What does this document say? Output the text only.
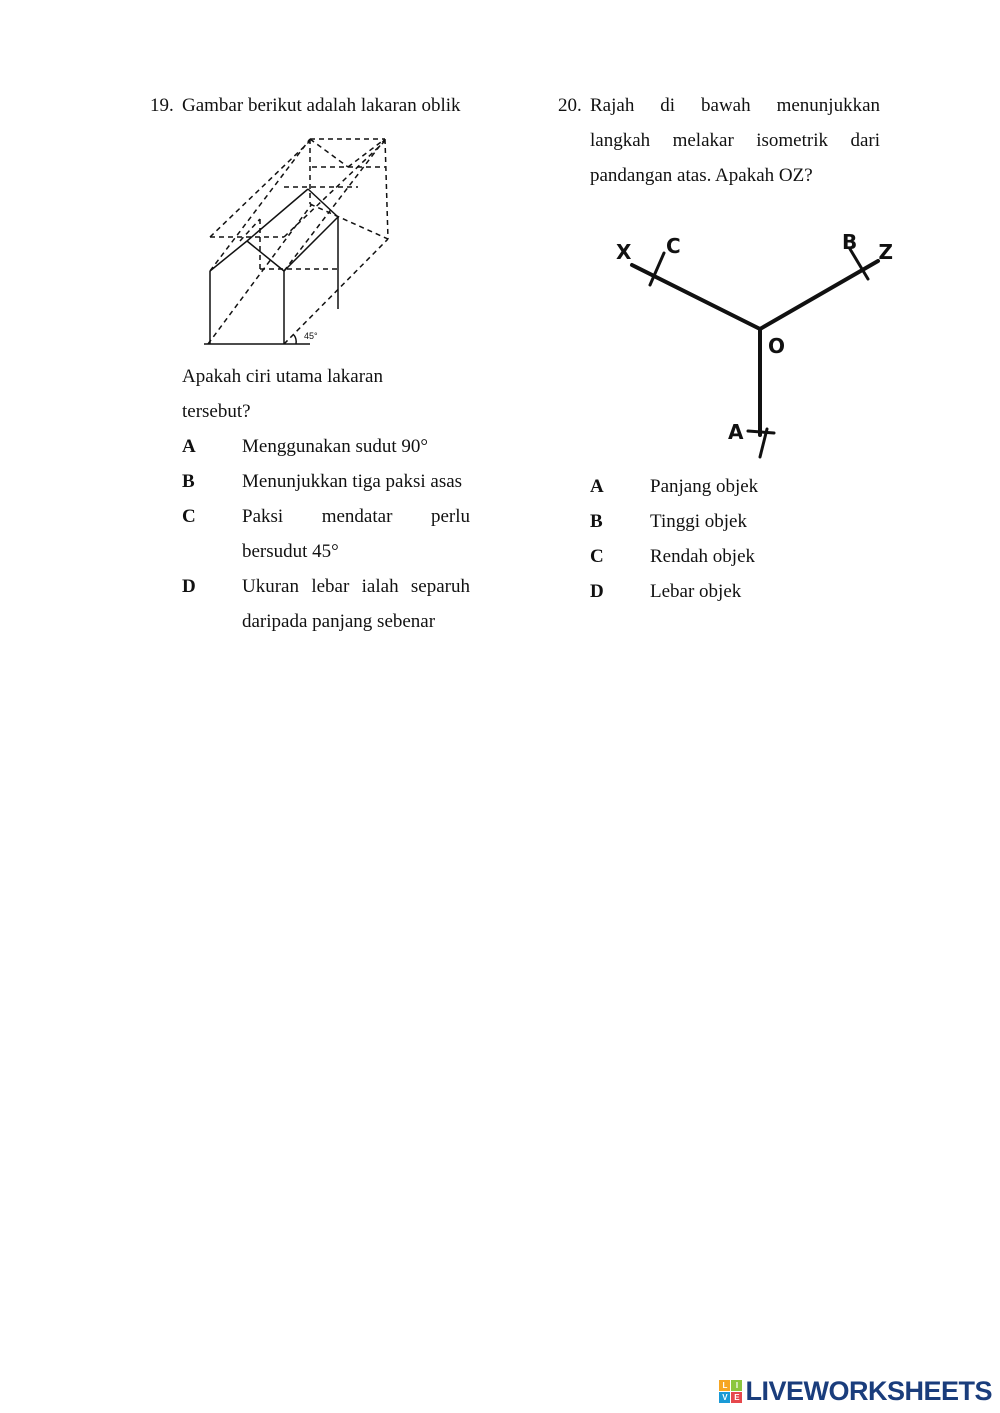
19. Gambar berikut adalah lakaran oblik
45°
Apakah ciri utama lakaran
tersebut?
A	Menggunakan sudut 90°
B	Menunjukkan tiga paksi asas
C	Paksi mendatar perlu bersudut 45°
D	Ukuran lebar ialah separuh daripada panjang sebenar
20. Rajah di bawah menunjukkan langkah melakar isometrik dari pandangan atas. Apakah OZ?
X C	B Z
O
A
A	Panjang objek
B	Tinggi objek
C	Rendah objek
D	Lebar objek
L	I
V E LIVEWORKSHEETS
